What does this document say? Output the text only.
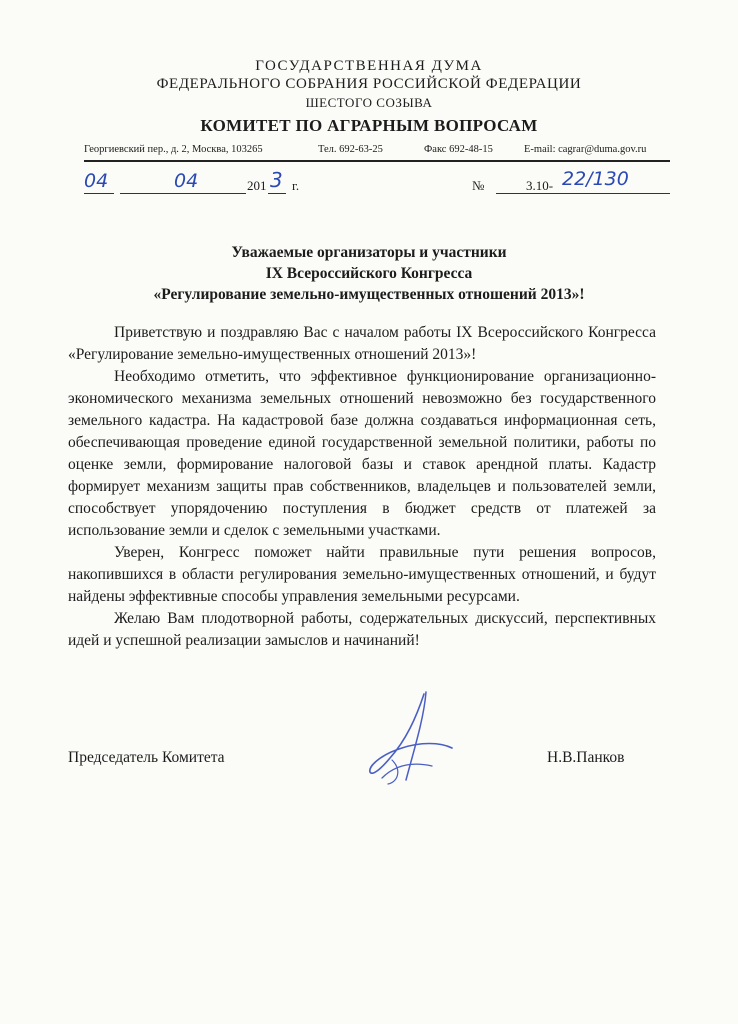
ГОСУДАРСТВЕННАЯ ДУМА
ФЕДЕРАЛЬНОГО СОБРАНИЯ РОССИЙСКОЙ ФЕДЕРАЦИИ
ШЕСТОГО СОЗЫВА
КОМИТЕТ ПО АГРАРНЫМ ВОПРОСАМ
Георгиевский пер., д. 2, Москва, 103265	Тел. 692-63-25	Факс 692-48-15	E-mail: cagrar@duma.gov.ru
04	04	201 3 г.	№	3.10- 22/130
Уважаемые организаторы и участники
IX Всероссийского Конгресса
«Регулирование земельно-имущественных отношений 2013»!

Приветствую и поздравляю Вас с началом работы IX Всероссийского Конгресса «Регулирование земельно-имущественных отношений 2013»!

Необходимо отметить, что эффективное функционирование организационно-экономического механизма земельных отношений невозможно без государственного земельного кадастра. На кадастровой базе должна создаваться информационная сеть, обеспечивающая проведение единой государственной земельной политики, работы по оценке земли, формирование налоговой базы и ставок арендной платы. Кадастр формирует механизм защиты прав собственников, владельцев и пользователей земли, способствует упорядочению поступления в бюджет средств от платежей за использование земли и сделок с земельными участками.

Уверен, Конгресс поможет найти правильные пути решения вопросов, накопившихся в области регулирования земельно-имущественных отношений, и будут найдены эффективные способы управления земельными ресурсами.

Желаю Вам плодотворной работы, содержательных дискуссий, перспективных идей и успешной реализации замыслов и начинаний!

Председатель Комитета	Н.В.Панков
